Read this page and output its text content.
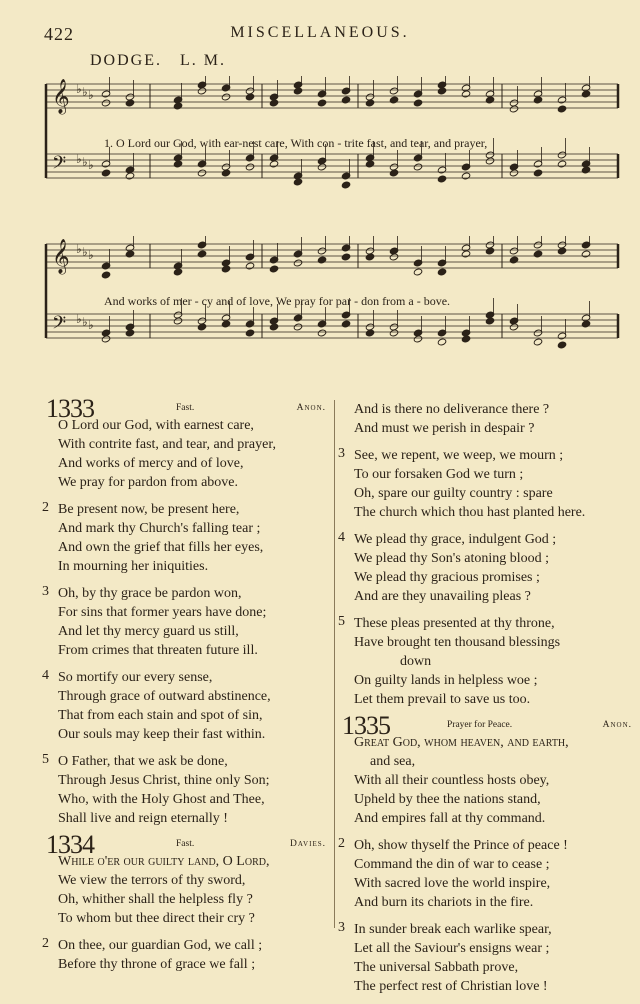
422	MISCELLANEOUS.
DODGE. L. M.
𝄞 ♭ ♭ ♭
𝄢 ♭ ♭ ♭
1. O Lord our God, with ear-nest care, With con - trite fast, and tear, and prayer,
𝄞 ♭ ♭ ♭
𝄢 ♭ ♭ ♭
And works of mer - cy and of love, We pray for par - don from a - bove.
1333	Fast.	Anon.
O Lord our God, with earnest care,
With contrite fast, and tear, and prayer,
And works of mercy and of love,
We pray for pardon from above.
2 Be present now, be present here,
And mark thy Church's falling tear ;
And own the grief that fills her eyes,
In mourning her iniquities.
3 Oh, by thy grace be pardon won,
For sins that former years have done;
And let thy mercy guard us still,
From crimes that threaten future ill.
4 So mortify our every sense,
Through grace of outward abstinence,
That from each stain and spot of sin,
Our souls may keep their fast within.
5 O Father, that we ask be done,
Through Jesus Christ, thine only Son;
Who, with the Holy Ghost and Thee,
Shall live and reign eternally !
1334	Fast.	Davies.
While o'er our guilty land, O Lord,
We view the terrors of thy sword,
Oh, whither shall the helpless fly ?
To whom but thee direct their cry ?
2 On thee, our guardian God, we call ;
Before thy throne of grace we fall ;
And is there no deliverance there ?
And must we perish in despair ?
3 See, we repent, we weep, we mourn ;
To our forsaken God we turn ;
Oh, spare our guilty country : spare
The church which thou hast planted here.
4 We plead thy grace, indulgent God ;
We plead thy Son's atoning blood ;
We plead thy gracious promises ;
And are they unavailing pleas ?
5 These pleas presented at thy throne,
Have brought ten thousand blessings
down
On guilty lands in helpless woe ;
Let them prevail to save us too.
1335	Prayer for Peace.	Anon.
Great God, whom heaven, and earth,
and sea,
With all their countless hosts obey,
Upheld by thee the nations stand,
And empires fall at thy command.
2 Oh, show thyself the Prince of peace !
Command the din of war to cease ;
With sacred love the world inspire,
And burn its chariots in the fire.
3 In sunder break each warlike spear,
Let all the Saviour's ensigns wear ;
The universal Sabbath prove,
The perfect rest of Christian love !
